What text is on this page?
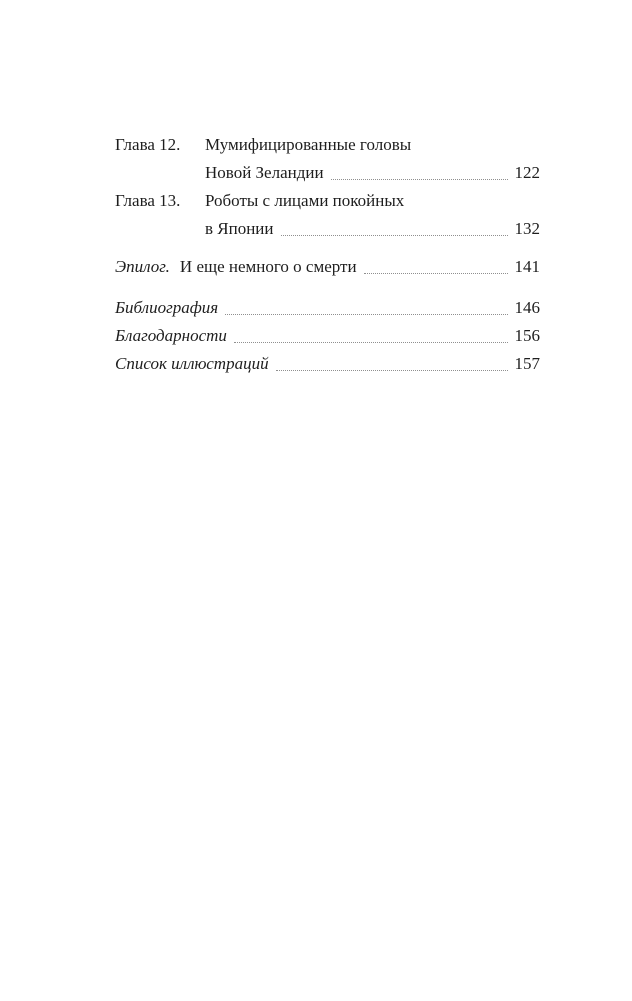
Глава 12.	Мумифицированные головы
Новой Зеландии	122
Глава 13.	Роботы с лицами покойных
в Японии	132
Эпилог. И еще немного о смерти	141
Библиография	146
Благодарности	156
Список иллюстраций	157
